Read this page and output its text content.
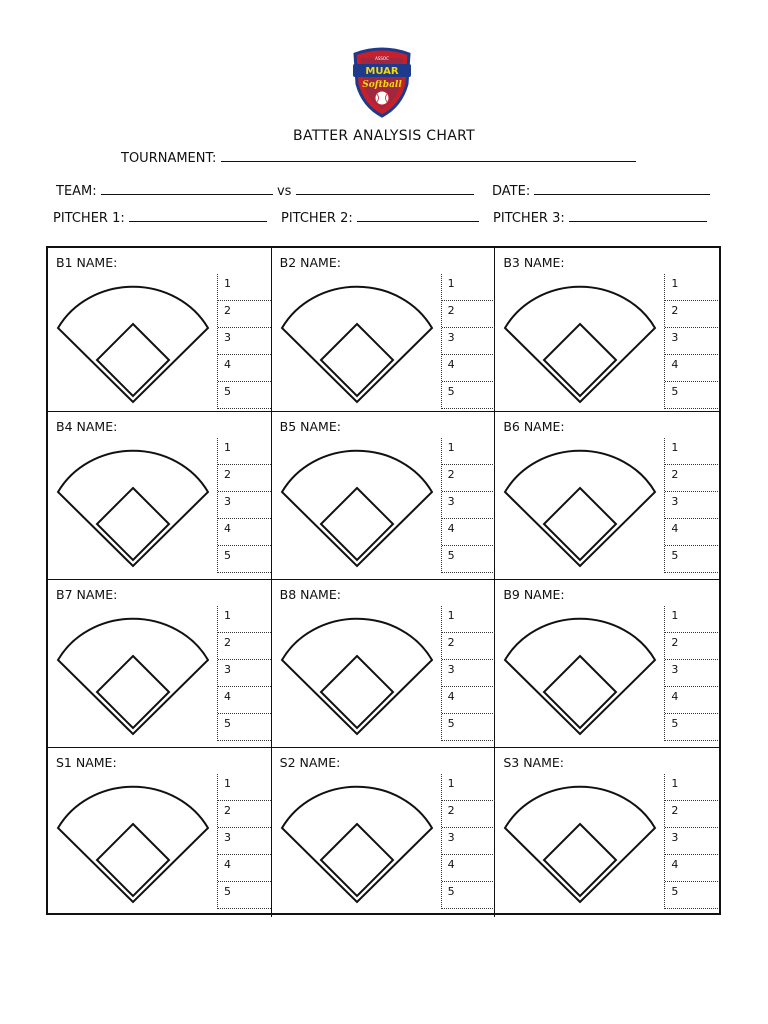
MUAR
Softball
ASSOC
BATTER ANALYSIS CHART
TOURNAMENT:
TEAM:	vs	DATE:
PITCHER 1:	PITCHER 2:	PITCHER 3:
B1 NAME:
1
2
3
4
5
B2 NAME:
1
2
3
4
5
B3 NAME:
1
2
3
4
5
B4 NAME:
1
2
3
4
5
B5 NAME:
1
2
3
4
5
B6 NAME:
1
2
3
4
5
B7 NAME:
1
2
3
4
5
B8 NAME:
1
2
3
4
5
B9 NAME:
1
2
3
4
5
S1 NAME:
1
2
3
4
5
S2 NAME:
1
2
3
4
5
S3 NAME:
1
2
3
4
5
